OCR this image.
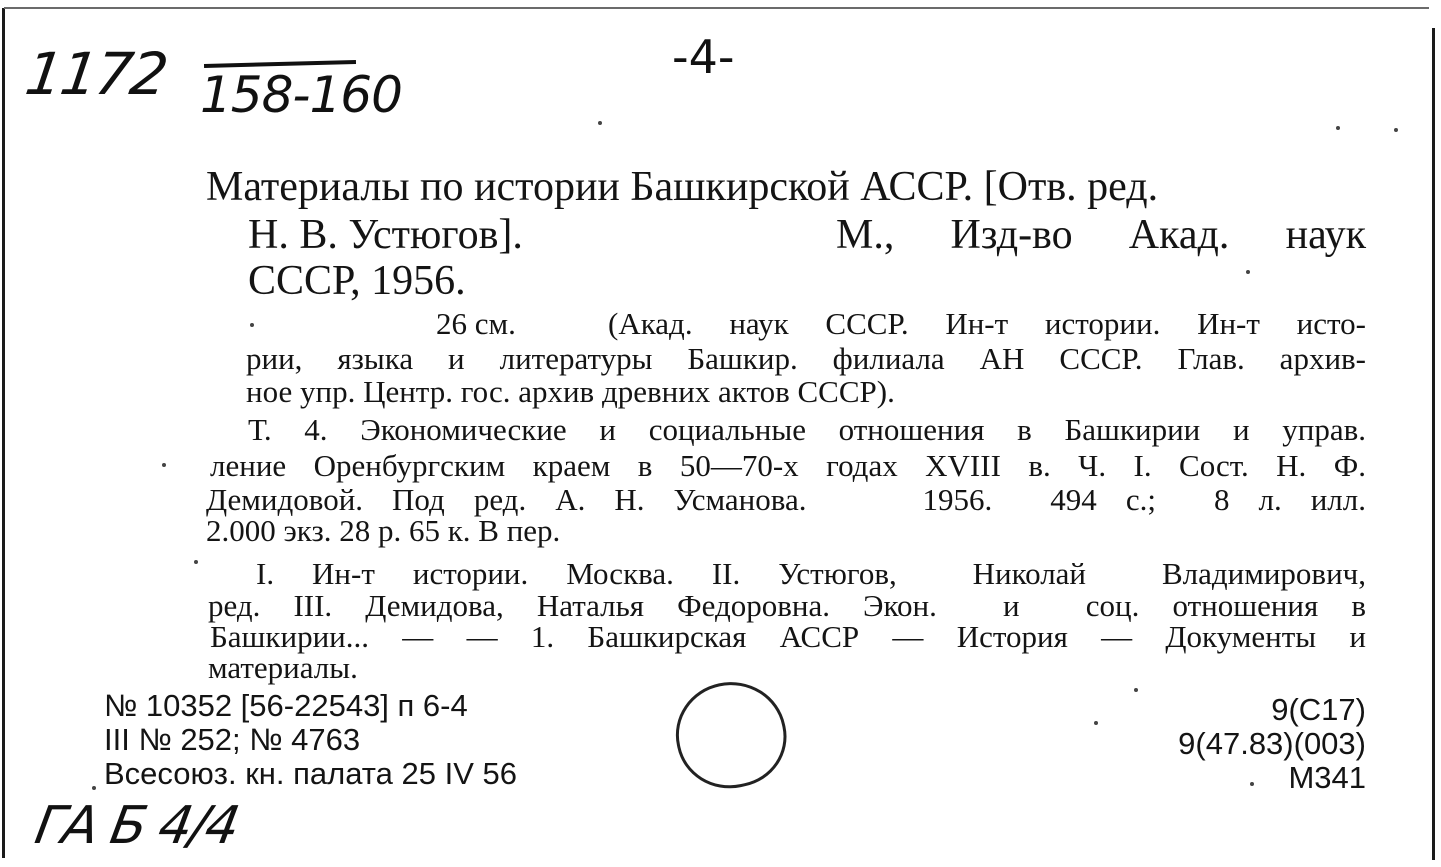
1172 158-160
-4-
ГА Б 4/4
Материалы по истории Башкирской АССР. [Отв. ред.
Н. В. Устюгов].	М., Изд-во Акад. наук
СССР, 1956.
26 см.	(Акад. наук СССР. Ин-т истории. Ин-т исто-
рии, языка и литературы Башкир. филиала АН СССР. Глав. архив-
ное упр. Центр. гос. архив древних актов СССР).
Т. 4. Экономические и социальные отношения в Башкирии и управ.
ление Оренбургским краем в 50—70-х годах XVIII в. Ч. I. Сост. Н. Ф.
Демидовой. Под ред. А. Н. Усманова.    1956.  494 с.;  8 л. илл.
2.000 экз. 28 р. 65 к. В пер.
I. Ин-т истории. Москва. II. Устюгов,  Николай  Владимирович,
ред. III. Демидова, Наталья Федоровна. Экон.  и  соц. отношения в
Башкирии... — — 1. Башкирская АССР — История — Документы и
материалы.
№ 10352 [56-22543] п 6-4
III № 252; № 4763
Всесоюз. кн. палата 25 IV 56
9(С17)
9(47.83)(003)
М341
